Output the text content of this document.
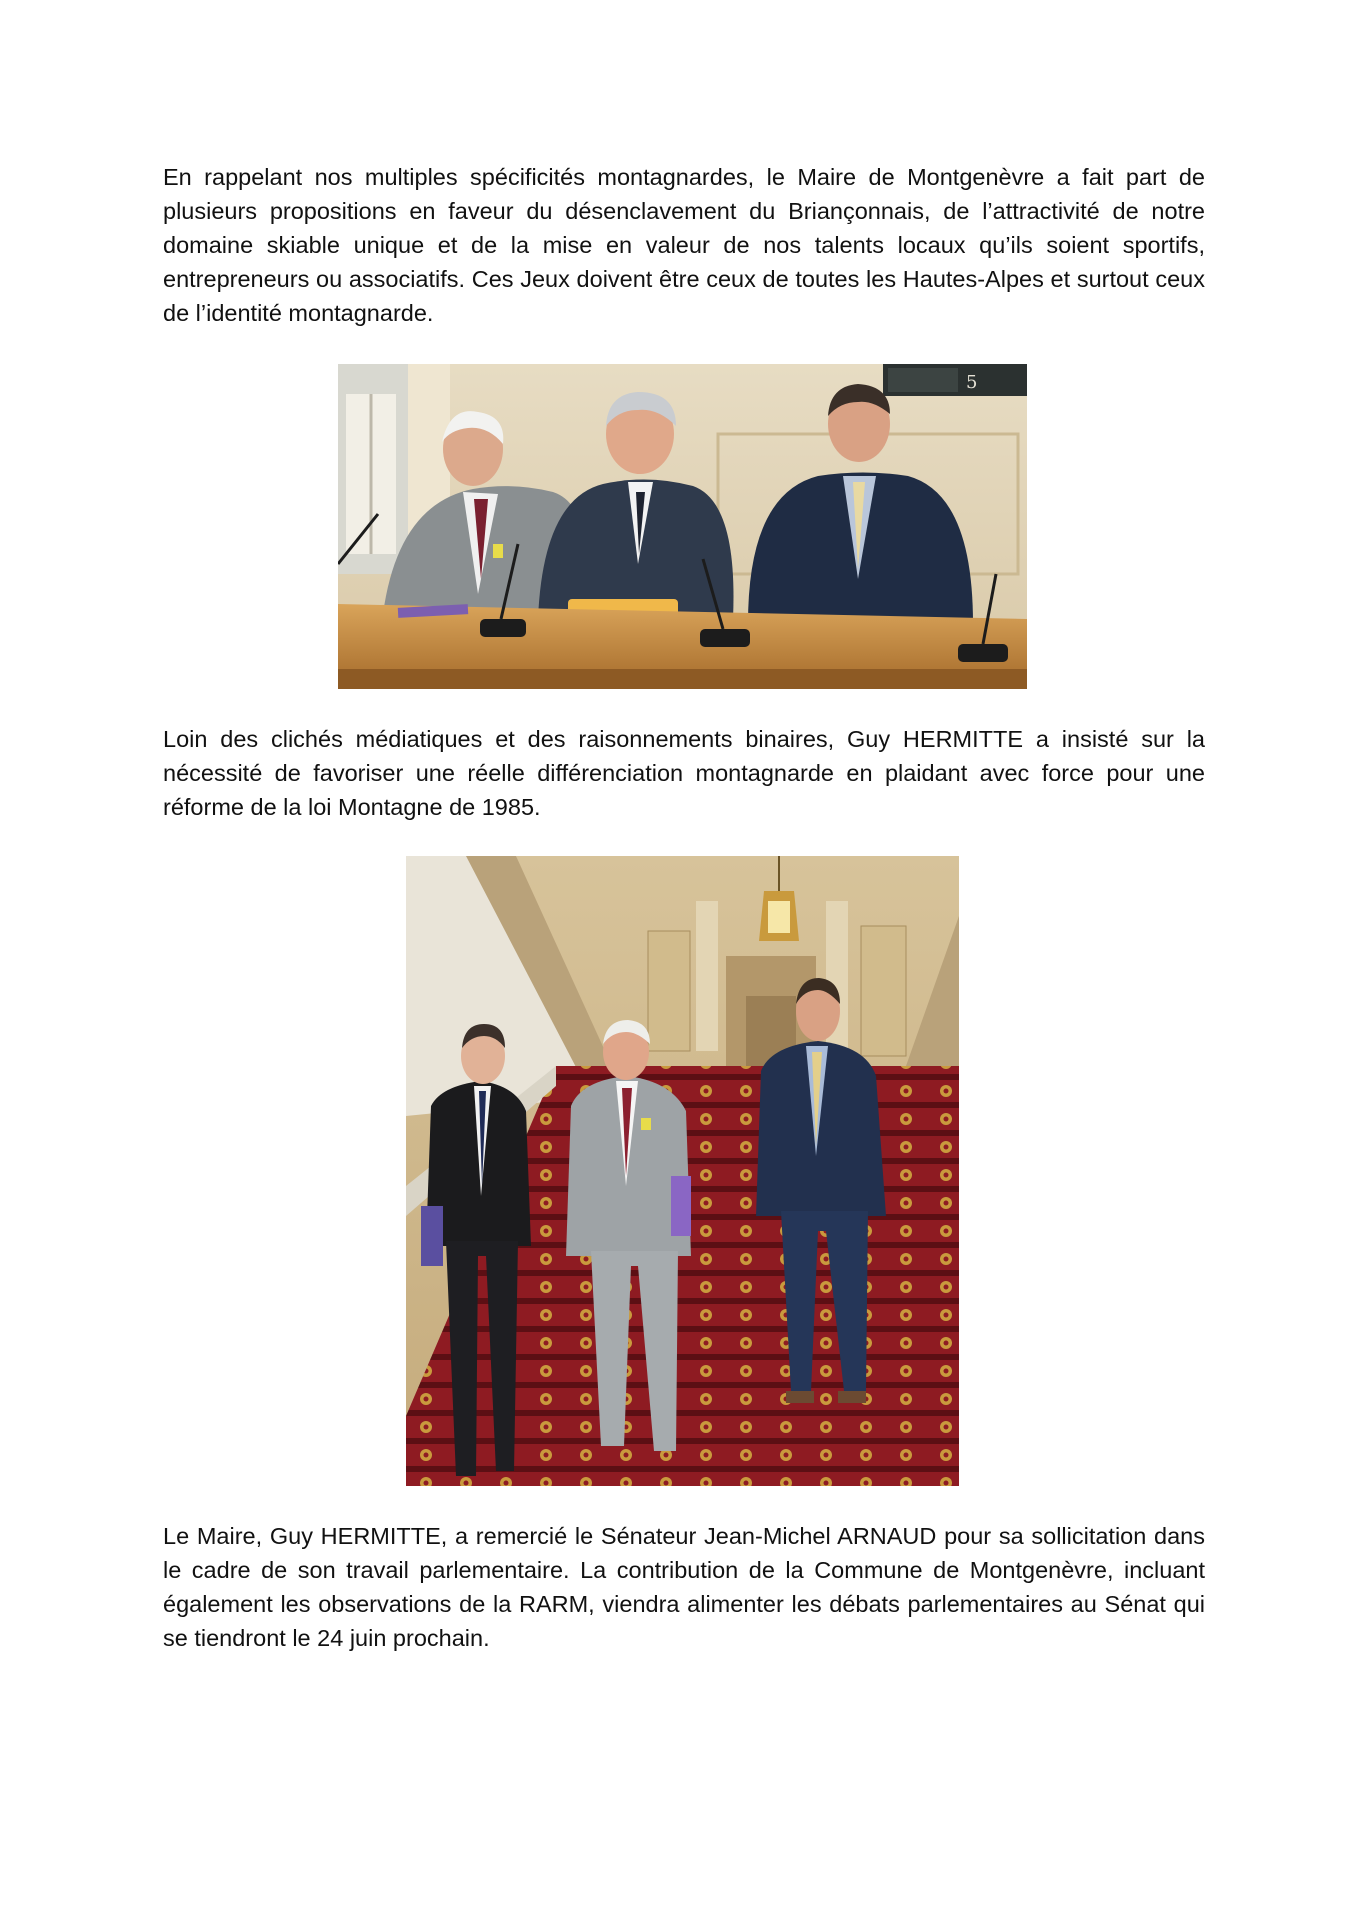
En rappelant nos multiples spécificités montagnardes, le Maire de Montgenèvre a fait part de plusieurs propositions en faveur du désenclavement du Briançonnais, de l’attractivité de notre domaine skiable unique et de la mise en valeur de nos talents locaux qu’ils soient sportifs, entrepreneurs ou associatifs. Ces Jeux doivent être ceux de toutes les Hautes-Alpes et surtout ceux de l’identité montagnarde.

5

Loin des clichés médiatiques et des raisonnements binaires, Guy HERMITTE a insisté sur la nécessité de favoriser une réelle différenciation montagnarde en plaidant avec force pour une réforme de la loi Montagne de 1985.

Le Maire, Guy HERMITTE, a remercié le Sénateur Jean-Michel ARNAUD pour sa sollicitation dans le cadre de son travail parlementaire. La contribution de la Commune de Montgenèvre, incluant également les observations de la RARM, viendra alimenter les débats parlementaires au Sénat qui se tiendront le 24 juin prochain.
